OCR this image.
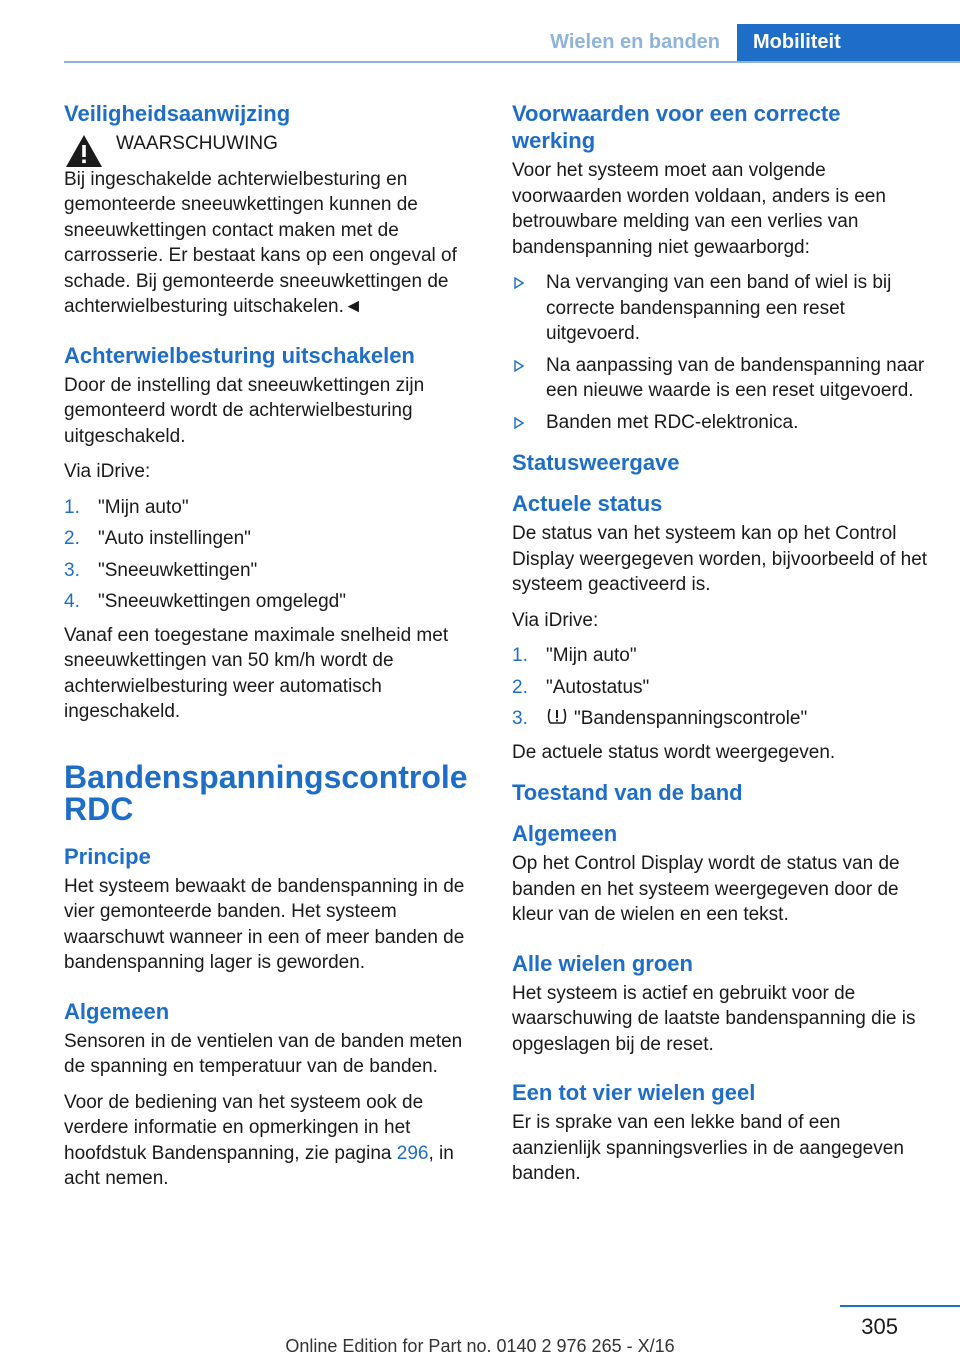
Wielen en banden	Mobiliteit
Veiligheidsaanwijzing

WAARSCHUWING

Bij ingeschakelde achterwielbesturing en gemonteerde sneeuwkettingen kunnen de sneeuwkettingen contact maken met de carrosserie. Er bestaat kans op een ongeval of schade. Bij gemonteerde sneeuwkettingen de achterwielbesturing uitschakelen.◄

Achterwielbesturing uitschakelen

Door de instelling dat sneeuwkettingen zijn gemonteerd wordt de achterwielbesturing uitgeschakeld.

Via iDrive:

1. "Mijn auto"
2. "Auto instellingen"
3. "Sneeuwkettingen"
4. "Sneeuwkettingen omgelegd"

Vanaf een toegestane maximale snelheid met sneeuwkettingen van 50 km/h wordt de achterwielbesturing weer automatisch ingeschakeld.

Bandenspanningscontrole RDC
Principe

Het systeem bewaakt de bandenspanning in de vier gemonteerde banden. Het systeem waarschuwt wanneer in een of meer banden de bandenspanning lager is geworden.

Algemeen

Sensoren in de ventielen van de banden meten de spanning en temperatuur van de banden.

Voor de bediening van het systeem ook de verdere informatie en opmerkingen in het hoofdstuk Bandenspanning, zie pagina 296, in acht nemen.

Voorwaarden voor een correcte werking

Voor het systeem moet aan volgende voorwaarden worden voldaan, anders is een betrouwbare melding van een verlies van bandenspanning niet gewaarborgd:

Na vervanging van een band of wiel is bij correcte bandenspanning een reset uitgevoerd.
Na aanpassing van de bandenspanning naar een nieuwe waarde is een reset uitgevoerd.
Banden met RDC-elektronica.
Statusweergave
Actuele status

De status van het systeem kan op het Control Display weergegeven worden, bijvoorbeeld of het systeem geactiveerd is.

Via iDrive:

1. "Mijn auto"
2. "Autostatus"
3. "Bandenspanningscontrole"

De actuele status wordt weergegeven.

Toestand van de band
Algemeen

Op het Control Display wordt de status van de banden en het systeem weergegeven door de kleur van de wielen en een tekst.

Alle wielen groen

Het systeem is actief en gebruikt voor de waarschuwing de laatste bandenspanning die is opgeslagen bij de reset.

Een tot vier wielen geel

Er is sprake van een lekke band of een aanzienlijk spanningsverlies in de aangegeven banden.

305
Online Edition for Part no. 0140 2 976 265 - X/16
